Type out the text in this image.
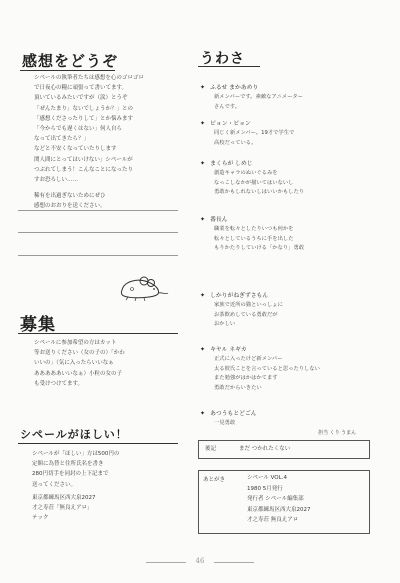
感想をどうぞ
シペールの執筆者たちは感想を心のゴロゴロ
で日夜心の糧に頑張って書いてます。
頂いているみたいですが（涙）とうぞ
「ぜんたまり」ないでしょうか？」との
「感想くださったりして」とか悩みます
「今からでも遅くはない」何人自ら
なって出てきたら？」
などと不安くなっていたりします
関人間にとってはいけない」シペールが
つぶれてしまう！こんなことになったり
すお恐ろしい……
稀有を出過ぎないためにぜひ
感想のおおりを送ください。
募集
シペールに参加希望の方はカット
等お送りください（女の子の）「かわ
いいの」（気に入ったらいいなぁ
あああああいいなぁ）小粒の女の子
も受けつけてます。
シペールがほしい！
シペールが「ほしい」方は500円の
定額に為替と住所氏名を書き
280円切手を同封の上下記まで
送ってください。
東京都練馬区西大泉2027
才之寿荘「無良えアロ」
テック
うわさ
✦ ふるせ まかあめり
新メンバーです。素敵なアニメーター
さんです。
✦ ピョン・ピョン
同じく新メンバー。19才で学生で
高校だっている。
✦ まくらが しめじ
創造キャラのぬいぐるみを
なっこしなかが描いてはいないし
勇敢かもしれないしはいいかもしたり
✦ 番長ん
職業を転々としたりいつも何かを
転々としているうちに手を出した
もりかたりしていける「かなり」勇敢
✦ しかりがねぎずさもん
家族で近所の猫といっしょに
お茶飲めしている勇敢だが
おかしい
✦ キヤル ネギカ
正式に入ったけど新メンバー
太る彼氏ことを言っていると思ったりしない
また勉強がはかはかてます
勇敢だからいきたい
✦ あつうもとどごん
一見勇敢
担当 くり うまん
後記	まだ つかれたくない
あとがき	シペール VOL.4
1980 5月発行
発行者 シペール編集部
東京都練馬区西大泉2027
才之寿荘 無良えアロ
46
